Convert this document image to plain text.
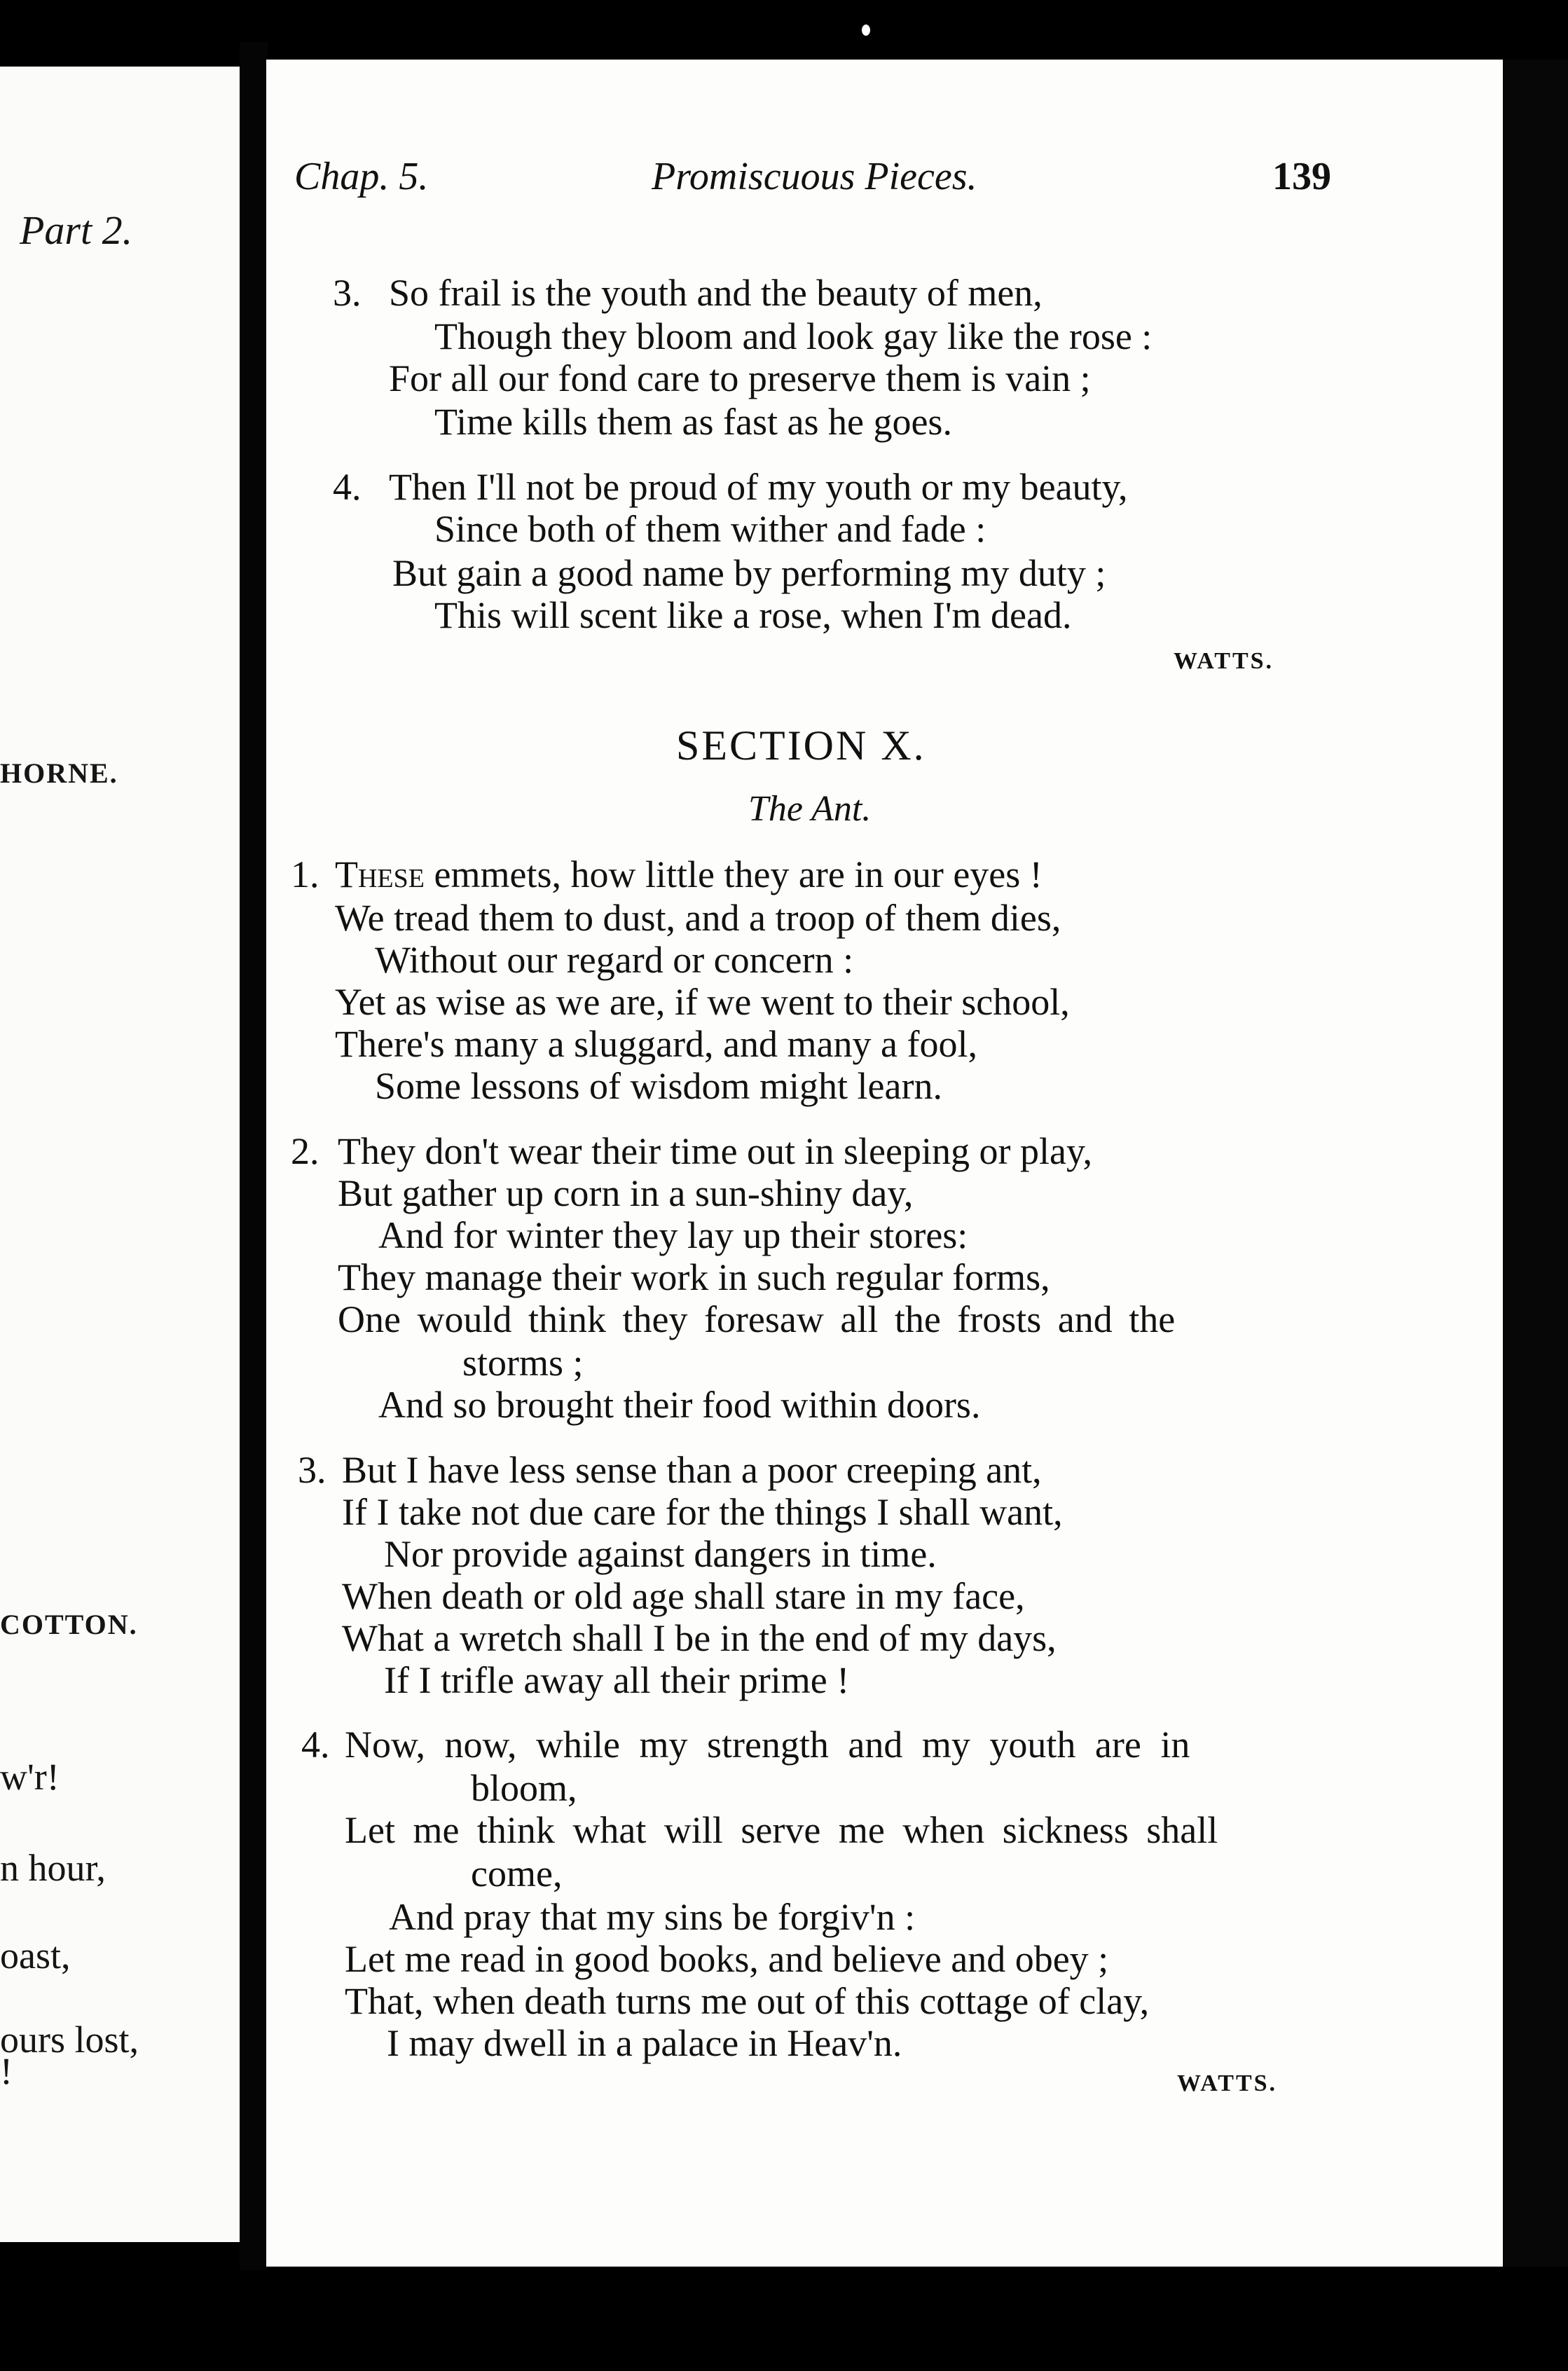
Part 2.
HORNE.
COTTON.
w'r!
n hour,
oast,
ours lost,
!
Chap. 5.	Promiscuous Pieces.	139
3. So frail is the youth and the beauty of men,
Though they bloom and look gay like the rose :
For all our fond care to preserve them is vain ;
Time kills them as fast as he goes.
4. Then I'll not be proud of my youth or my beauty,
Since both of them wither and fade :
But gain a good name by performing my duty ;
This will scent like a rose, when I'm dead.
WATTS.
SECTION X.
The Ant.
1. These emmets, how little they are in our eyes !
We tread them to dust, and a troop of them dies,
Without our regard or concern :
Yet as wise as we are, if we went to their school,
There's many a sluggard, and many a fool,
Some lessons of wisdom might learn.
2. They don't wear their time out in sleeping or play,
But gather up corn in a sun-shiny day,
And for winter they lay up their stores:
They manage their work in such regular forms,
One would think they foresaw all the frosts and the
storms ;
And so brought their food within doors.
3. But I have less sense than a poor creeping ant,
If I take not due care for the things I shall want,
Nor provide against dangers in time.
When death or old age shall stare in my face,
What a wretch shall I be in the end of my days,
If I trifle away all their prime !
4. Now, now, while my strength and my youth are in
bloom,
Let me think what will serve me when sickness shall
come,
And pray that my sins be forgiv'n :
Let me read in good books, and believe and obey ;
That, when death turns me out of this cottage of clay,
I may dwell in a palace in Heav'n.
WATTS.
